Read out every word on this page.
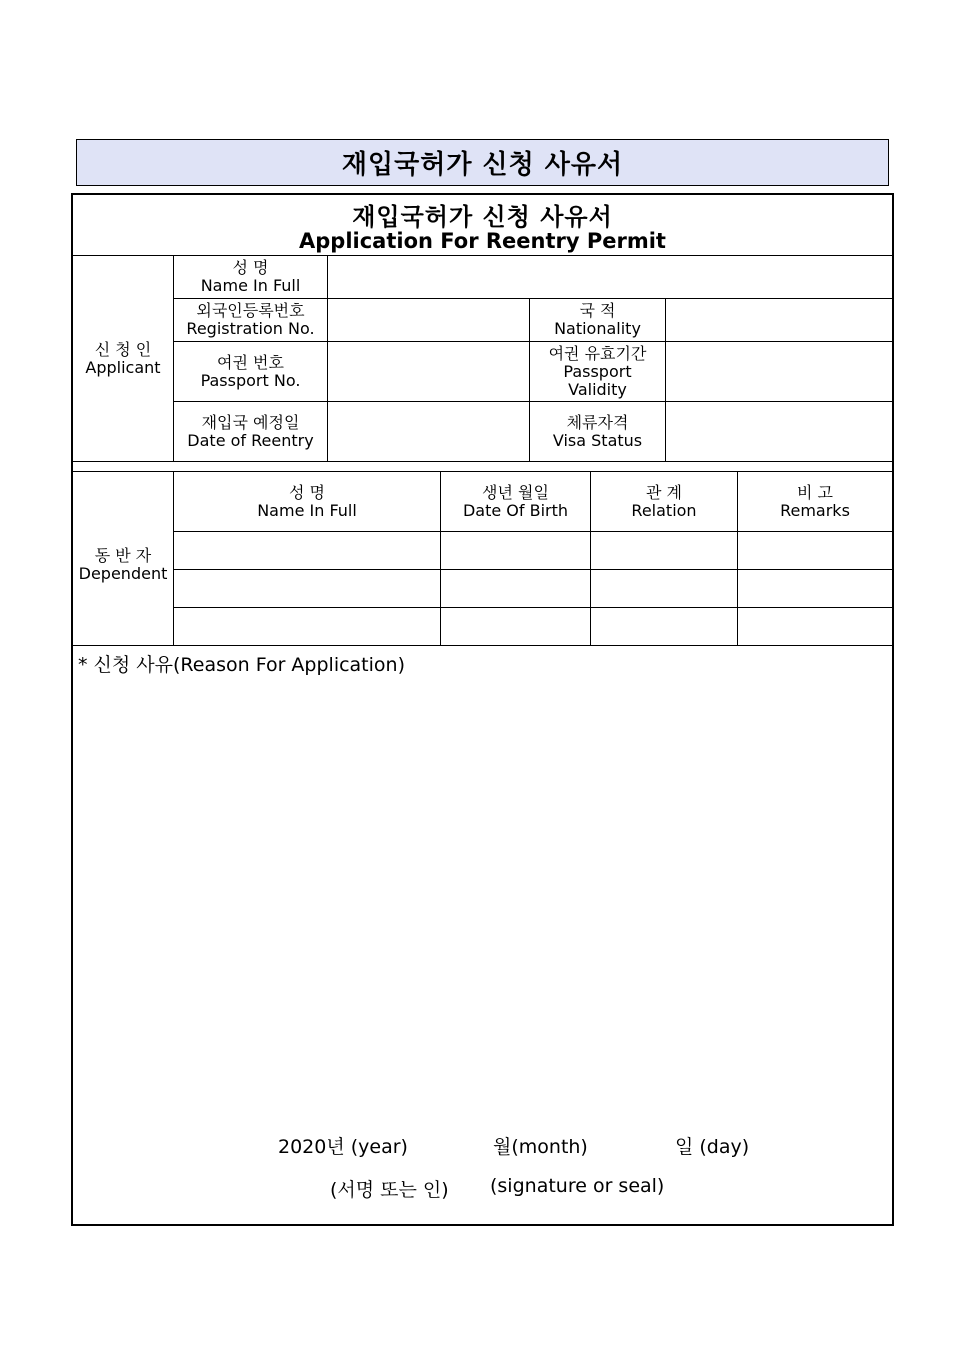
재입국허가 신청 사유서
재입국허가 신청 사유서
Application For Reentry Permit
신 청 인
Applicant
성 명
Name In Full
외국인등록번호
Registration No.
국 적
Nationality
여권 번호
Passport No.
여권 유효기간
Passport
Validity
재입국 예정일
Date of Reentry
체류자격
Visa Status
동 반 자
Dependent
성 명
Name In Full
생년 월일
Date Of Birth
관 계
Relation
비 고
Remarks
* 신청 사유(Reason For Application)
2020년 (year)	월(month)	일 (day)
(서명 또는 인) (signature or seal)
